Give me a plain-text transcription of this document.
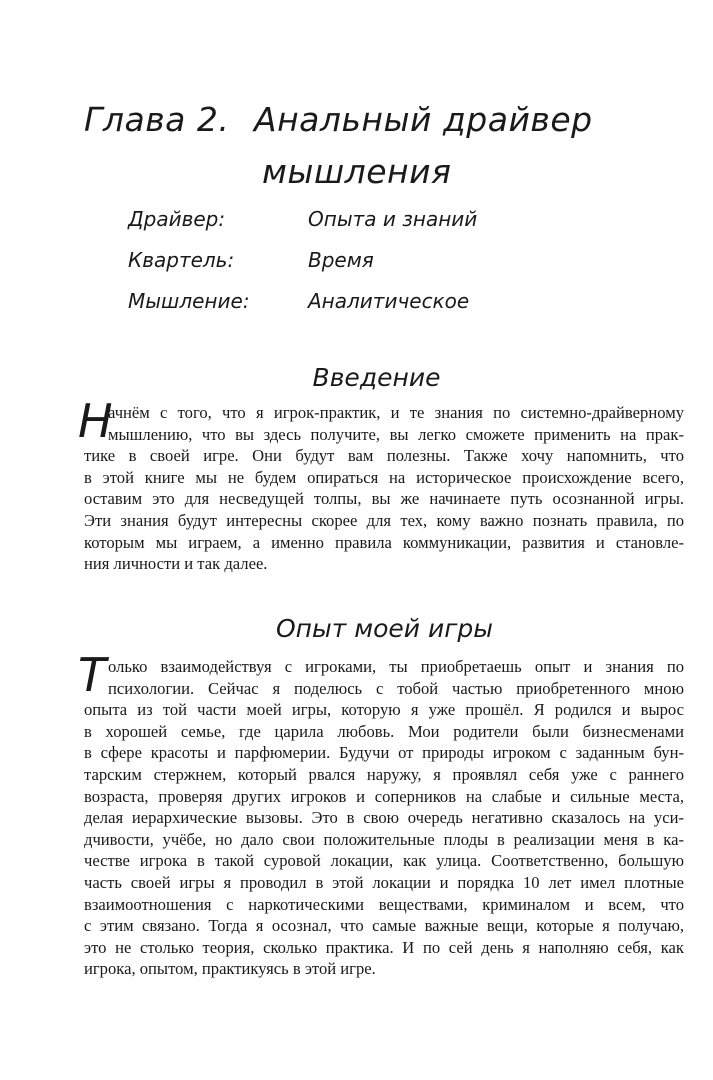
Глава 2. Анальный драйвер
мышления
Драйвер:	Опыта и знаний
Квартель:	Время
Мышление:	Аналитическое
Введение
Н
ачнём с того, что я игрок-практик, и те знания по системно-драйверному
мышлению, что вы здесь получите, вы легко сможете применить на прак-
тике в своей игре. Они будут вам полезны. Также хочу напомнить, что
в этой книге мы не будем опираться на историческое происхождение всего,
оставим это для несведущей толпы, вы же начинаете путь осознанной игры.
Эти знания будут интересны скорее для тех, кому важно познать правила, по
которым мы играем, а именно правила коммуникации, развития и становле-
ния личности и так далее.
Опыт моей игры
Т олько взаимодействуя с игроками, ты приобретаешь опыт и знания по
психологии. Сейчас я поделюсь с тобой частью приобретенного мною
опыта из той части моей игры, которую я уже прошёл. Я родился и вырос
в хорошей семье, где царила любовь. Мои родители были бизнесменами
в сфере красоты и парфюмерии. Будучи от природы игроком с заданным бун-
тарским стержнем, который рвался наружу, я проявлял себя уже с раннего
возраста, проверяя других игроков и соперников на слабые и сильные места,
делая иерархические вызовы. Это в свою очередь негативно сказалось на уси-
дчивости, учёбе, но дало свои положительные плоды в реализации меня в ка-
честве игрока в такой суровой локации, как улица. Соответственно, большую
часть своей игры я проводил в этой локации и порядка 10 лет имел плотные
взаимоотношения с наркотическими веществами, криминалом и всем, что
с этим связано. Тогда я осознал, что самые важные вещи, которые я получаю,
это не столько теория, сколько практика. И по сей день я наполняю себя, как
игрока, опытом, практикуясь в этой игре.
